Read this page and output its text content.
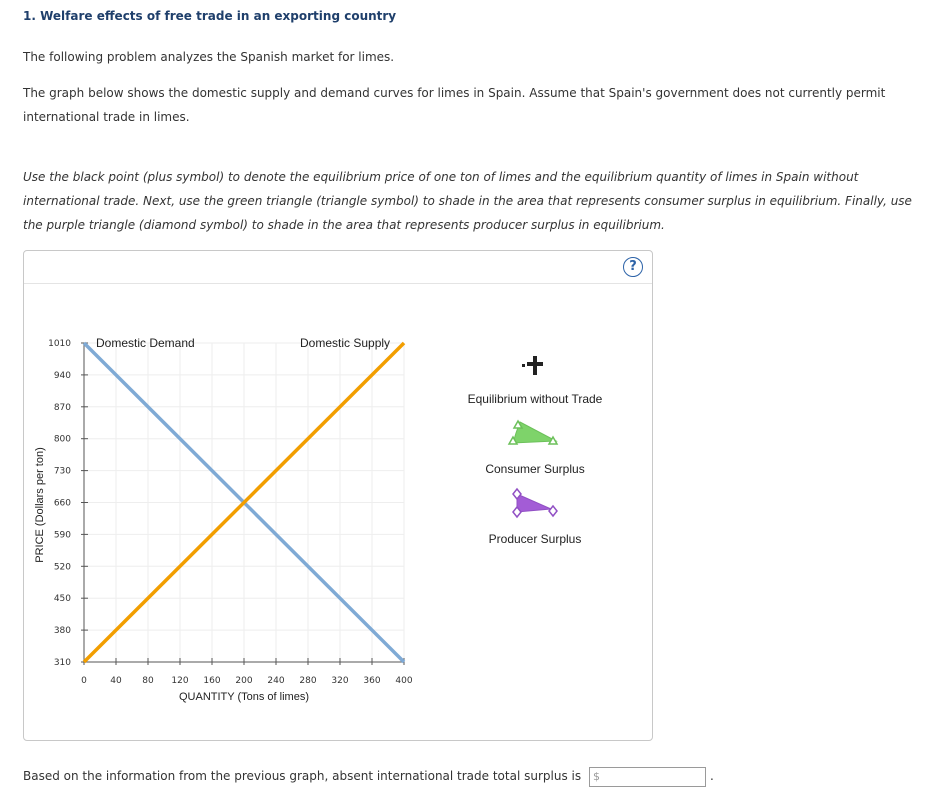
1. Welfare effects of free trade in an exporting country
The following problem analyzes the Spanish market for limes.
The graph below shows the domestic supply and demand curves for limes in Spain. Assume that Spain's government does not currently permit
international trade in limes.
Use the black point (plus symbol) to denote the equilibrium price of one ton of limes and the equilibrium quantity of limes in Spain without
international trade. Next, use the green triangle (triangle symbol) to shade in the area that represents consumer surplus in equilibrium. Finally, use
the purple triangle (diamond symbol) to shade in the area that represents producer surplus in equilibrium.
?
310
380
450
520
590
660
730
800
870
940
1010
0	40 80 120 160 200 240 280 320 360 400
Domestic Demand	Domestic Supply
QUANTITY (Tons of limes)
PRICE (Dollars per ton)
Equilibrium without Trade
Consumer Surplus
Producer Surplus
Based on the information from the previous graph, absent international trade total surplus is $	.
